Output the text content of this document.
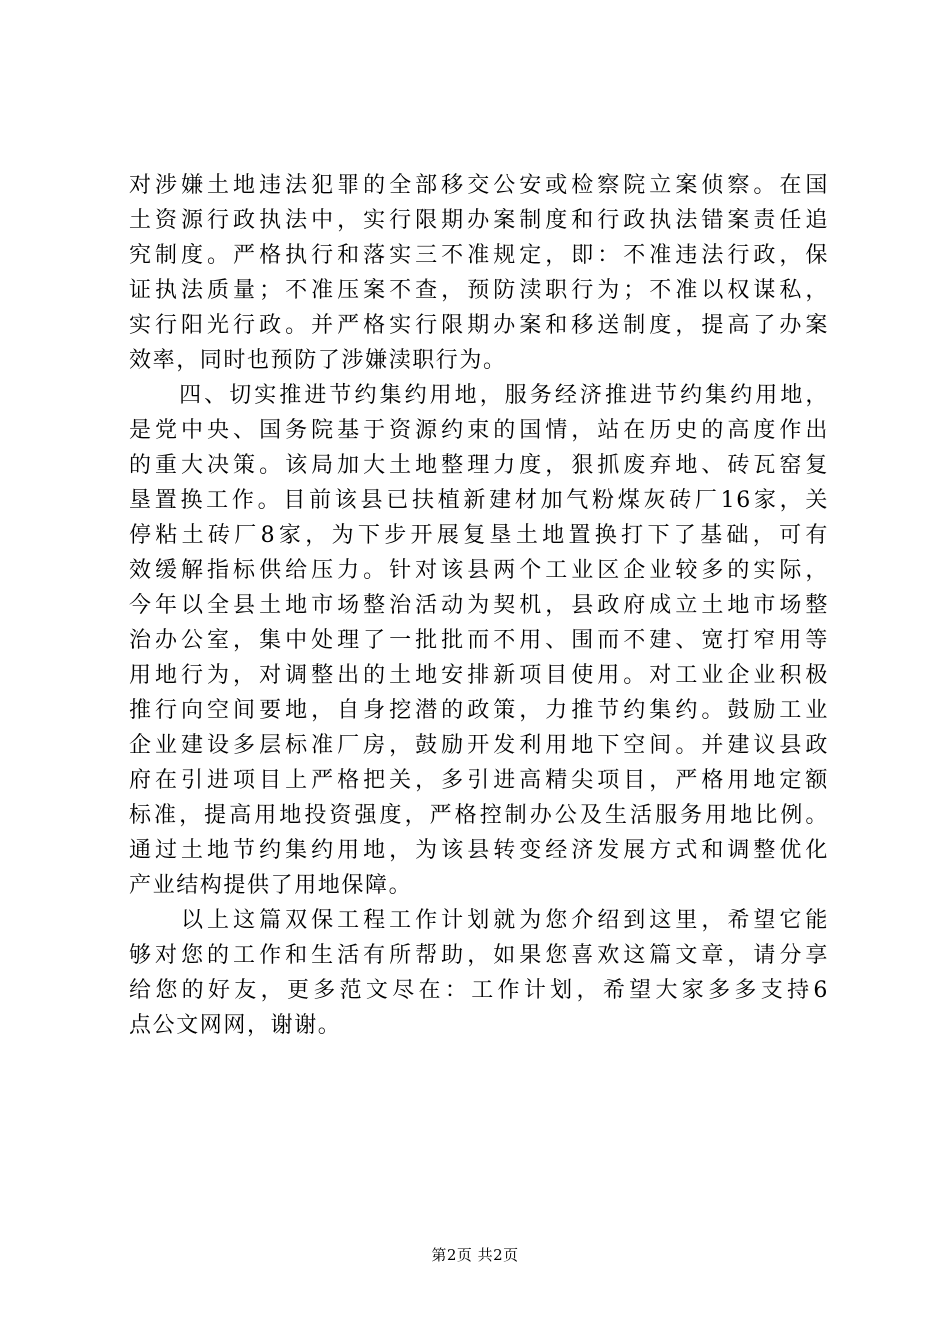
对涉嫌土地违法犯罪的全部移交公安或检察院立案侦察。在国
土资源行政执法中，实行限期办案制度和行政执法错案责任追
究制度。严格执行和落实三不准规定，即：不准违法行政，保
证执法质量；不准压案不查，预防渎职行为；不准以权谋私，
实行阳光行政。并严格实行限期办案和移送制度，提高了办案
效率，同时也预防了涉嫌渎职行为。
　　四、切实推进节约集约用地，服务经济推进节约集约用地，
是党中央、国务院基于资源约束的国情，站在历史的高度作出
的重大决策。该局加大土地整理力度，狠抓废弃地、砖瓦窑复
垦置换工作。目前该县已扶植新建材加气粉煤灰砖厂16家，关
停粘土砖厂8家，为下步开展复垦土地置换打下了基础，可有
效缓解指标供给压力。针对该县两个工业区企业较多的实际，
今年以全县土地市场整治活动为契机，县政府成立土地市场整
治办公室，集中处理了一批批而不用、围而不建、宽打窄用等
用地行为，对调整出的土地安排新项目使用。对工业企业积极
推行向空间要地，自身挖潜的政策，力推节约集约。鼓励工业
企业建设多层标准厂房，鼓励开发利用地下空间。并建议县政
府在引进项目上严格把关，多引进高精尖项目，严格用地定额
标准，提高用地投资强度，严格控制办公及生活服务用地比例。
通过土地节约集约用地，为该县转变经济发展方式和调整优化
产业结构提供了用地保障。
　　以上这篇双保工程工作计划就为您介绍到这里，希望它能
够对您的工作和生活有所帮助，如果您喜欢这篇文章，请分享
给您的好友，更多范文尽在：工作计划，希望大家多多支持6
点公文网网，谢谢。
第2页 共2页
